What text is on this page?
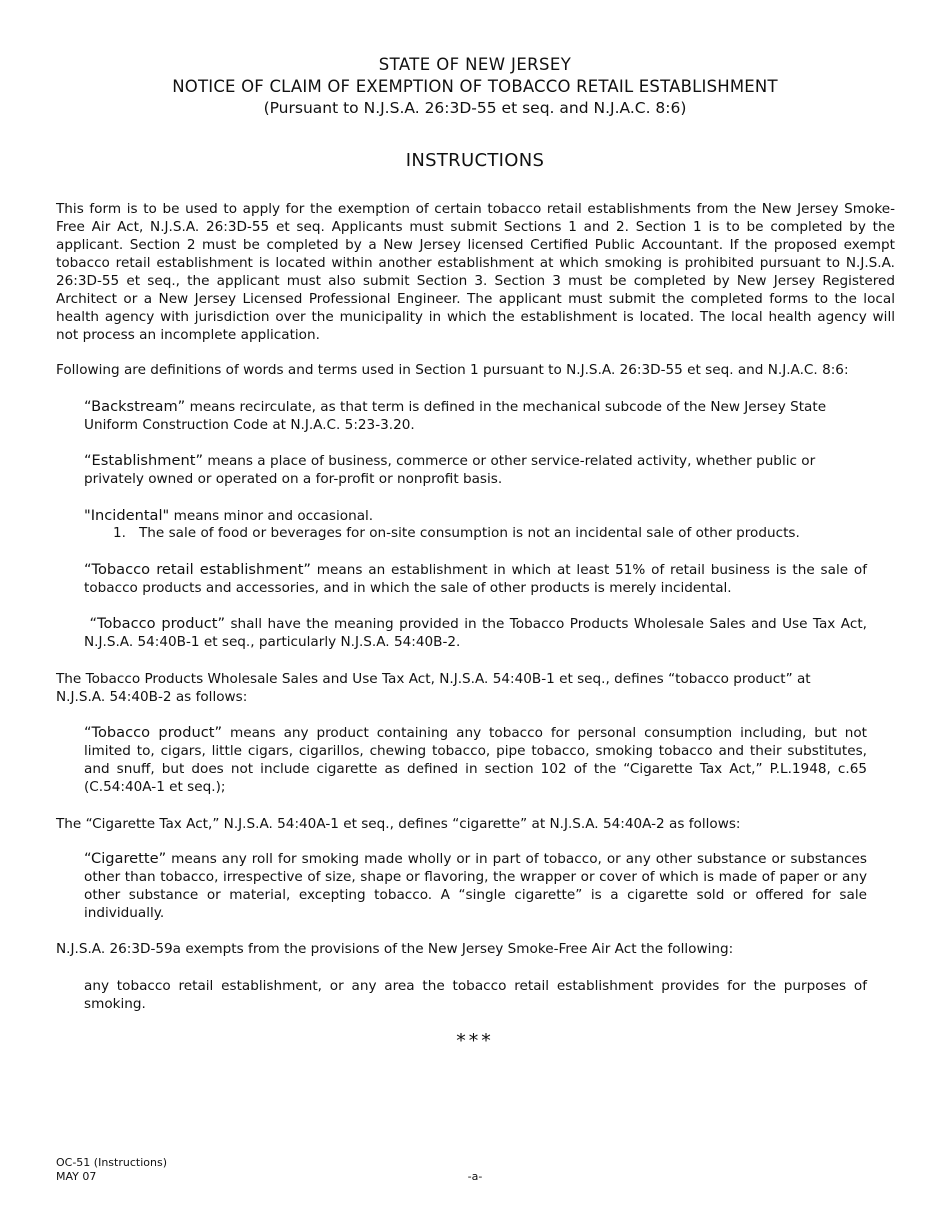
STATE OF NEW JERSEY
NOTICE OF CLAIM OF EXEMPTION OF TOBACCO RETAIL ESTABLISHMENT
(Pursuant to N.J.S.A. 26:3D-55 et seq. and N.J.A.C. 8:6)
INSTRUCTIONS

This form is to be used to apply for the exemption of certain tobacco retail establishments from the New Jersey Smoke-Free Air Act, N.J.S.A. 26:3D-55 et seq. Applicants must submit Sections 1 and 2. Section 1 is to be completed by the applicant. Section 2 must be completed by a New Jersey licensed Certified Public Accountant. If the proposed exempt tobacco retail establishment is located within another establishment at which smoking is prohibited pursuant to N.J.S.A. 26:3D-55 et seq., the applicant must also submit Section 3. Section 3 must be completed by New Jersey Registered Architect or a New Jersey Licensed Professional Engineer. The applicant must submit the completed forms to the local health agency with jurisdiction over the municipality in which the establishment is located. The local health agency will not process an incomplete application.

Following are definitions of words and terms used in Section 1 pursuant to N.J.S.A. 26:3D-55 et seq. and N.J.A.C. 8:6:

“Backstream” means recirculate, as that term is defined in the mechanical subcode of the New Jersey State Uniform Construction Code at N.J.A.C. 5:23-3.20.

“Establishment” means a place of business, commerce or other service-related activity, whether public or privately owned or operated on a for-profit or nonprofit basis.

"Incidental" means minor and occasional.

1. The sale of food or beverages for on-site consumption is not an incidental sale of other products.

“Tobacco retail establishment” means an establishment in which at least 51% of retail business is the sale of tobacco products and accessories, and in which the sale of other products is merely incidental.

“Tobacco product” shall have the meaning provided in the Tobacco Products Wholesale Sales and Use Tax Act, N.J.S.A. 54:40B-1 et seq., particularly N.J.S.A. 54:40B-2.

The Tobacco Products Wholesale Sales and Use Tax Act, N.J.S.A. 54:40B-1 et seq., defines “tobacco product” at N.J.S.A. 54:40B-2 as follows:

“Tobacco product” means any product containing any tobacco for personal consumption including, but not limited to, cigars, little cigars, cigarillos, chewing tobacco, pipe tobacco, smoking tobacco and their substitutes, and snuff, but does not include cigarette as defined in section 102 of the “Cigarette Tax Act,” P.L.1948, c.65 (C.54:40A-1 et seq.);

The “Cigarette Tax Act,” N.J.S.A. 54:40A-1 et seq., defines “cigarette” at N.J.S.A. 54:40A-2 as follows:

“Cigarette” means any roll for smoking made wholly or in part of tobacco, or any other substance or substances other than tobacco, irrespective of size, shape or flavoring, the wrapper or cover of which is made of paper or any other substance or material, excepting tobacco. A “single cigarette” is a cigarette sold or offered for sale individually.

N.J.S.A. 26:3D-59a exempts from the provisions of the New Jersey Smoke-Free Air Act the following:

any tobacco retail establishment, or any area the tobacco retail establishment provides for the purposes of smoking.

***
OC-51 (Instructions)
MAY 07	-a-
